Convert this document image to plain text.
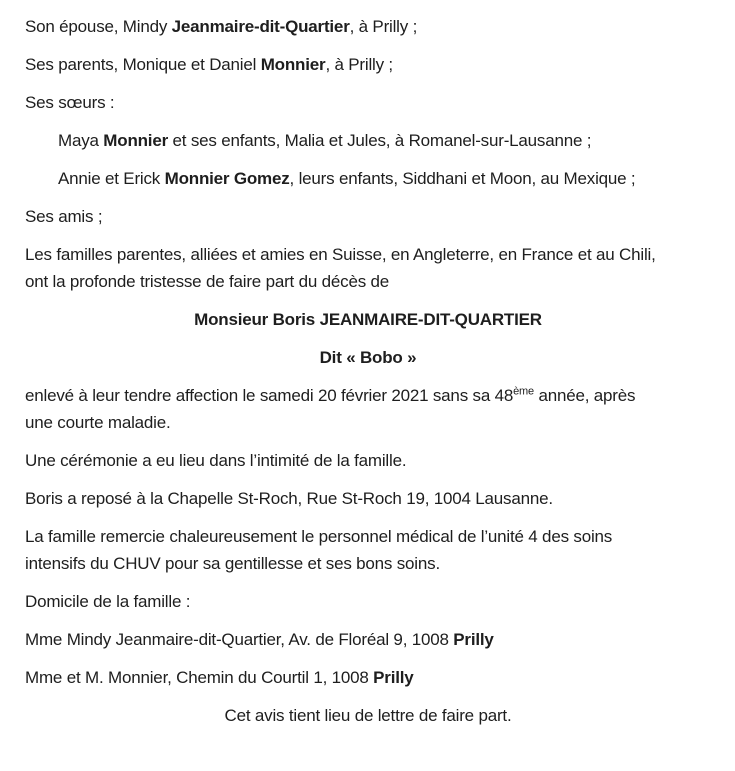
Son épouse, Mindy Jeanmaire-dit-Quartier, à Prilly ;

Ses parents, Monique et Daniel Monnier, à Prilly ;

Ses sœurs :

Maya Monnier et ses enfants, Malia et Jules, à Romanel-sur-Lausanne ;

Annie et Erick Monnier Gomez, leurs enfants, Siddhani et Moon, au Mexique ;

Ses amis ;

Les familles parentes, alliées et amies en Suisse, en Angleterre, en France et au Chili,
ont la profonde tristesse de faire part du décès de

Monsieur Boris JEANMAIRE-DIT-QUARTIER

Dit « Bobo »

enlevé à leur tendre affection le samedi 20 février 2021 sans sa 48ème année, après
une courte maladie.

Une cérémonie a eu lieu dans l’intimité de la famille.

Boris a reposé à la Chapelle St-Roch, Rue St-Roch 19, 1004 Lausanne.

La famille remercie chaleureusement le personnel médical de l’unité 4 des soins
intensifs du CHUV pour sa gentillesse et ses bons soins.

Domicile de la famille :

Mme Mindy Jeanmaire-dit-Quartier, Av. de Floréal 9, 1008 Prilly

Mme et M. Monnier, Chemin du Courtil 1, 1008 Prilly

Cet avis tient lieu de lettre de faire part.
